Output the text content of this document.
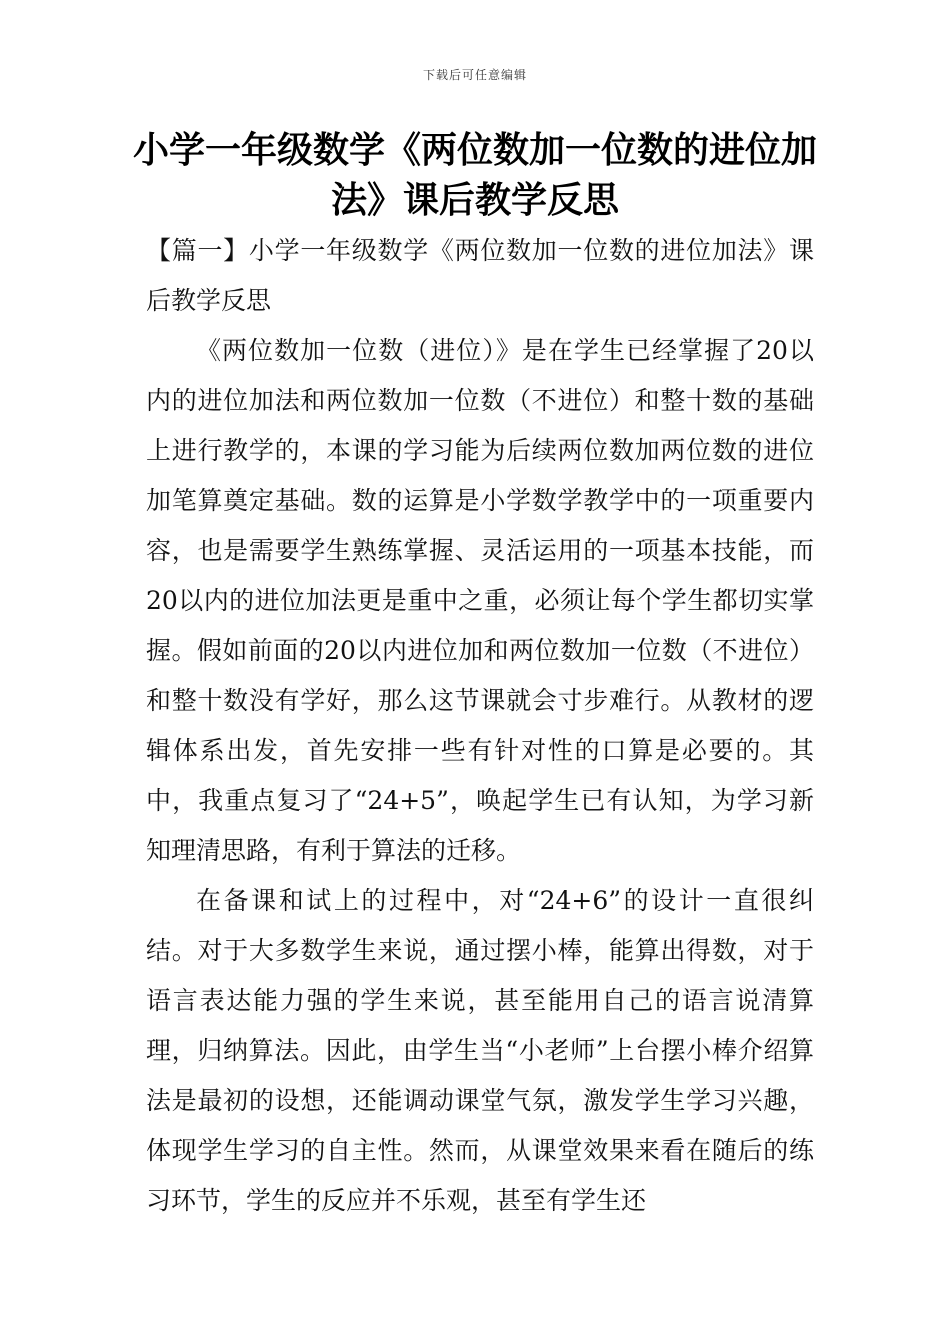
下载后可任意编辑
小学一年级数学《两位数加一位数的进位加法》课后教学反思

【篇一】小学一年级数学《两位数加一位数的进位加法》课后教学反思

《两位数加一位数（进位）》是在学生已经掌握了20以内的进位加法和两位数加一位数（不进位）和整十数的基础上进行教学的，本课的学习能为后续两位数加两位数的进位加笔算奠定基础。数的运算是小学数学教学中的一项重要内容，也是需要学生熟练掌握、灵活运用的一项基本技能，而20以内的进位加法更是重中之重，必须让每个学生都切实掌握。假如前面的20以内进位加和两位数加一位数（不进位）和整十数没有学好，那么这节课就会寸步难行。从教材的逻辑体系出发，首先安排一些有针对性的口算是必要的。其中，我重点复习了“24+5”，唤起学生已有认知，为学习新知理清思路，有利于算法的迁移。

在备课和试上的过程中，对“24+6”的设计一直很纠结。对于大多数学生来说，通过摆小棒，能算出得数，对于语言表达能力强的学生来说，甚至能用自己的语言说清算理，归纳算法。因此，由学生当“小老师”上台摆小棒介绍算法是最初的设想，还能调动课堂气氛，激发学生学习兴趣，体现学生学习的自主性。然而，从课堂效果来看在随后的练习环节，学生的反应并不乐观，甚至有学生还
